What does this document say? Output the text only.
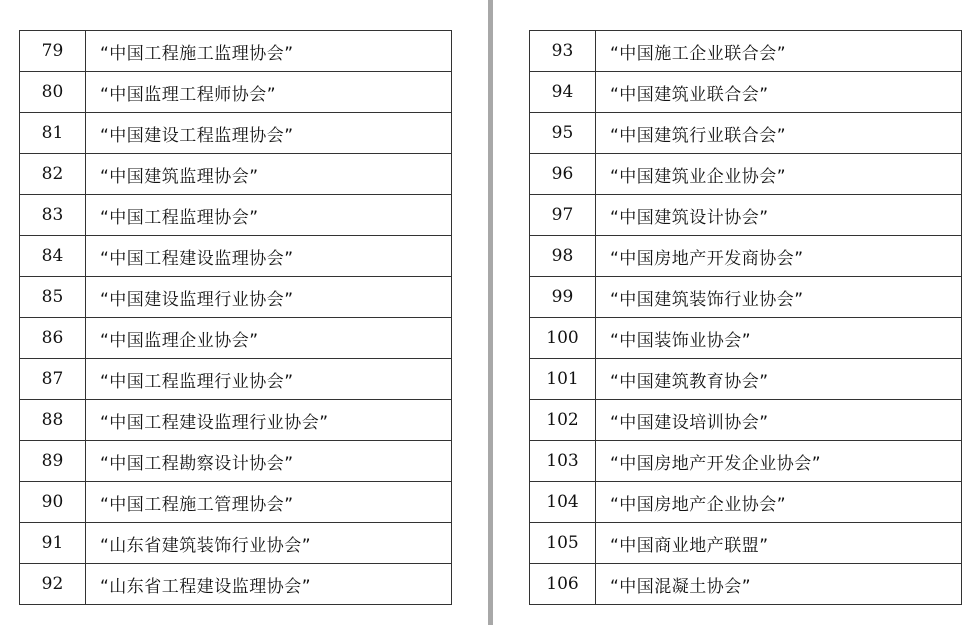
79	“中国工程施工监理协会”
80	“中国监理工程师协会”
81	“中国建设工程监理协会”
82	“中国建筑监理协会”
83	“中国工程监理协会”
84	“中国工程建设监理协会”
85	“中国建设监理行业协会”
86	“中国监理企业协会”
87	“中国工程监理行业协会”
88	“中国工程建设监理行业协会”
89	“中国工程勘察设计协会”
90	“中国工程施工管理协会”
91	“山东省建筑装饰行业协会”
92	“山东省工程建设监理协会”
93	“中国施工企业联合会”
94	“中国建筑业联合会”
95	“中国建筑行业联合会”
96	“中国建筑业企业协会”
97	“中国建筑设计协会”
98	“中国房地产开发商协会”
99	“中国建筑装饰行业协会”
100	“中国装饰业协会”
101	“中国建筑教育协会”
102	“中国建设培训协会”
103	“中国房地产开发企业协会”
104	“中国房地产企业协会”
105	“中国商业地产联盟”
106	“中国混凝土协会”
